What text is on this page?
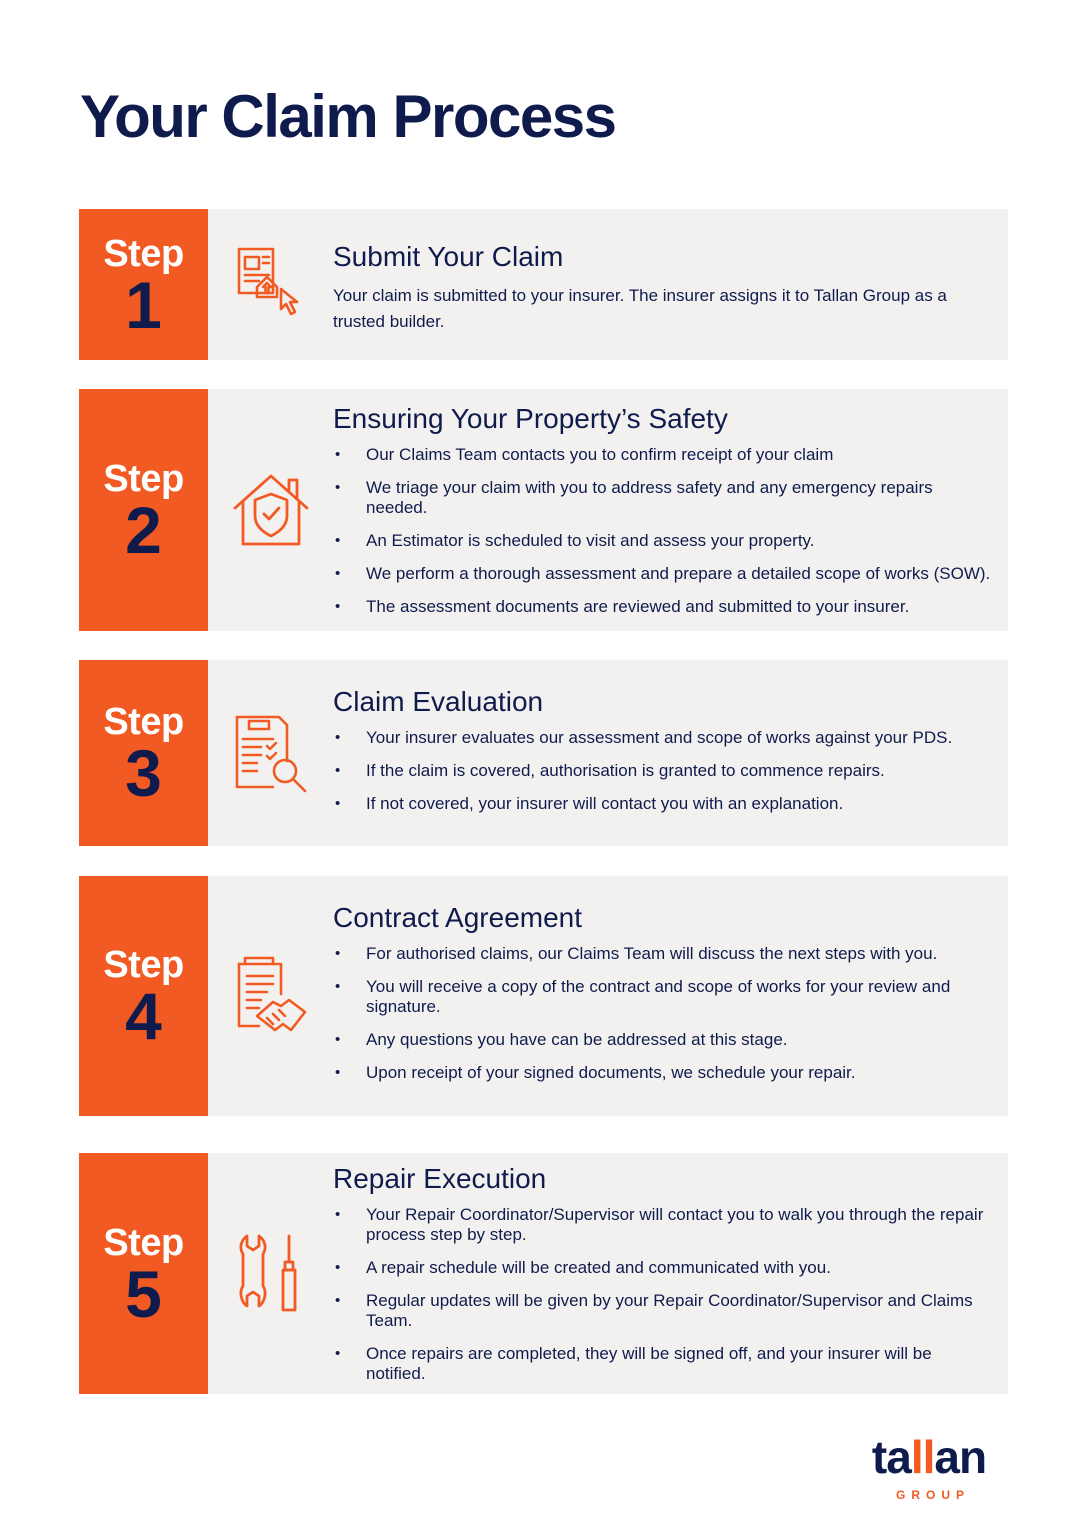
Your Claim Process
Step
1
Submit Your Claim

Your claim is submitted to your insurer. The insurer assigns it to Tallan Group as a trusted builder.

Step
2
Ensuring Your Property’s Safety
• Our Claims Team contacts you to confirm receipt of your claim
• We triage your claim with you to address safety and any emergency repairs needed.
• An Estimator is scheduled to visit and assess your property.
• We perform a thorough assessment and prepare a detailed scope of works (SOW).
• The assessment documents are reviewed and submitted to your insurer.
Step
3
Claim Evaluation
• Your insurer evaluates our assessment and scope of works against your PDS.
• If the claim is covered, authorisation is granted to commence repairs.
• If not covered, your insurer will contact you with an explanation.
Step
4
Contract Agreement
• For authorised claims, our Claims Team will discuss the next steps with you.
• You will receive a copy of the contract and scope of works for your review and signature.
• Any questions you have can be addressed at this stage.
• Upon receipt of your signed documents, we schedule your repair.
Step
5
Repair Execution
• Your Repair Coordinator/Supervisor will contact you to walk you through the repair process step by step.
• A repair schedule will be created and communicated with you.
• Regular updates will be given by your Repair Coordinator/Supervisor and Claims Team.
• Once repairs are completed, they will be signed off, and your insurer will be notified.
tallan
GROUP
